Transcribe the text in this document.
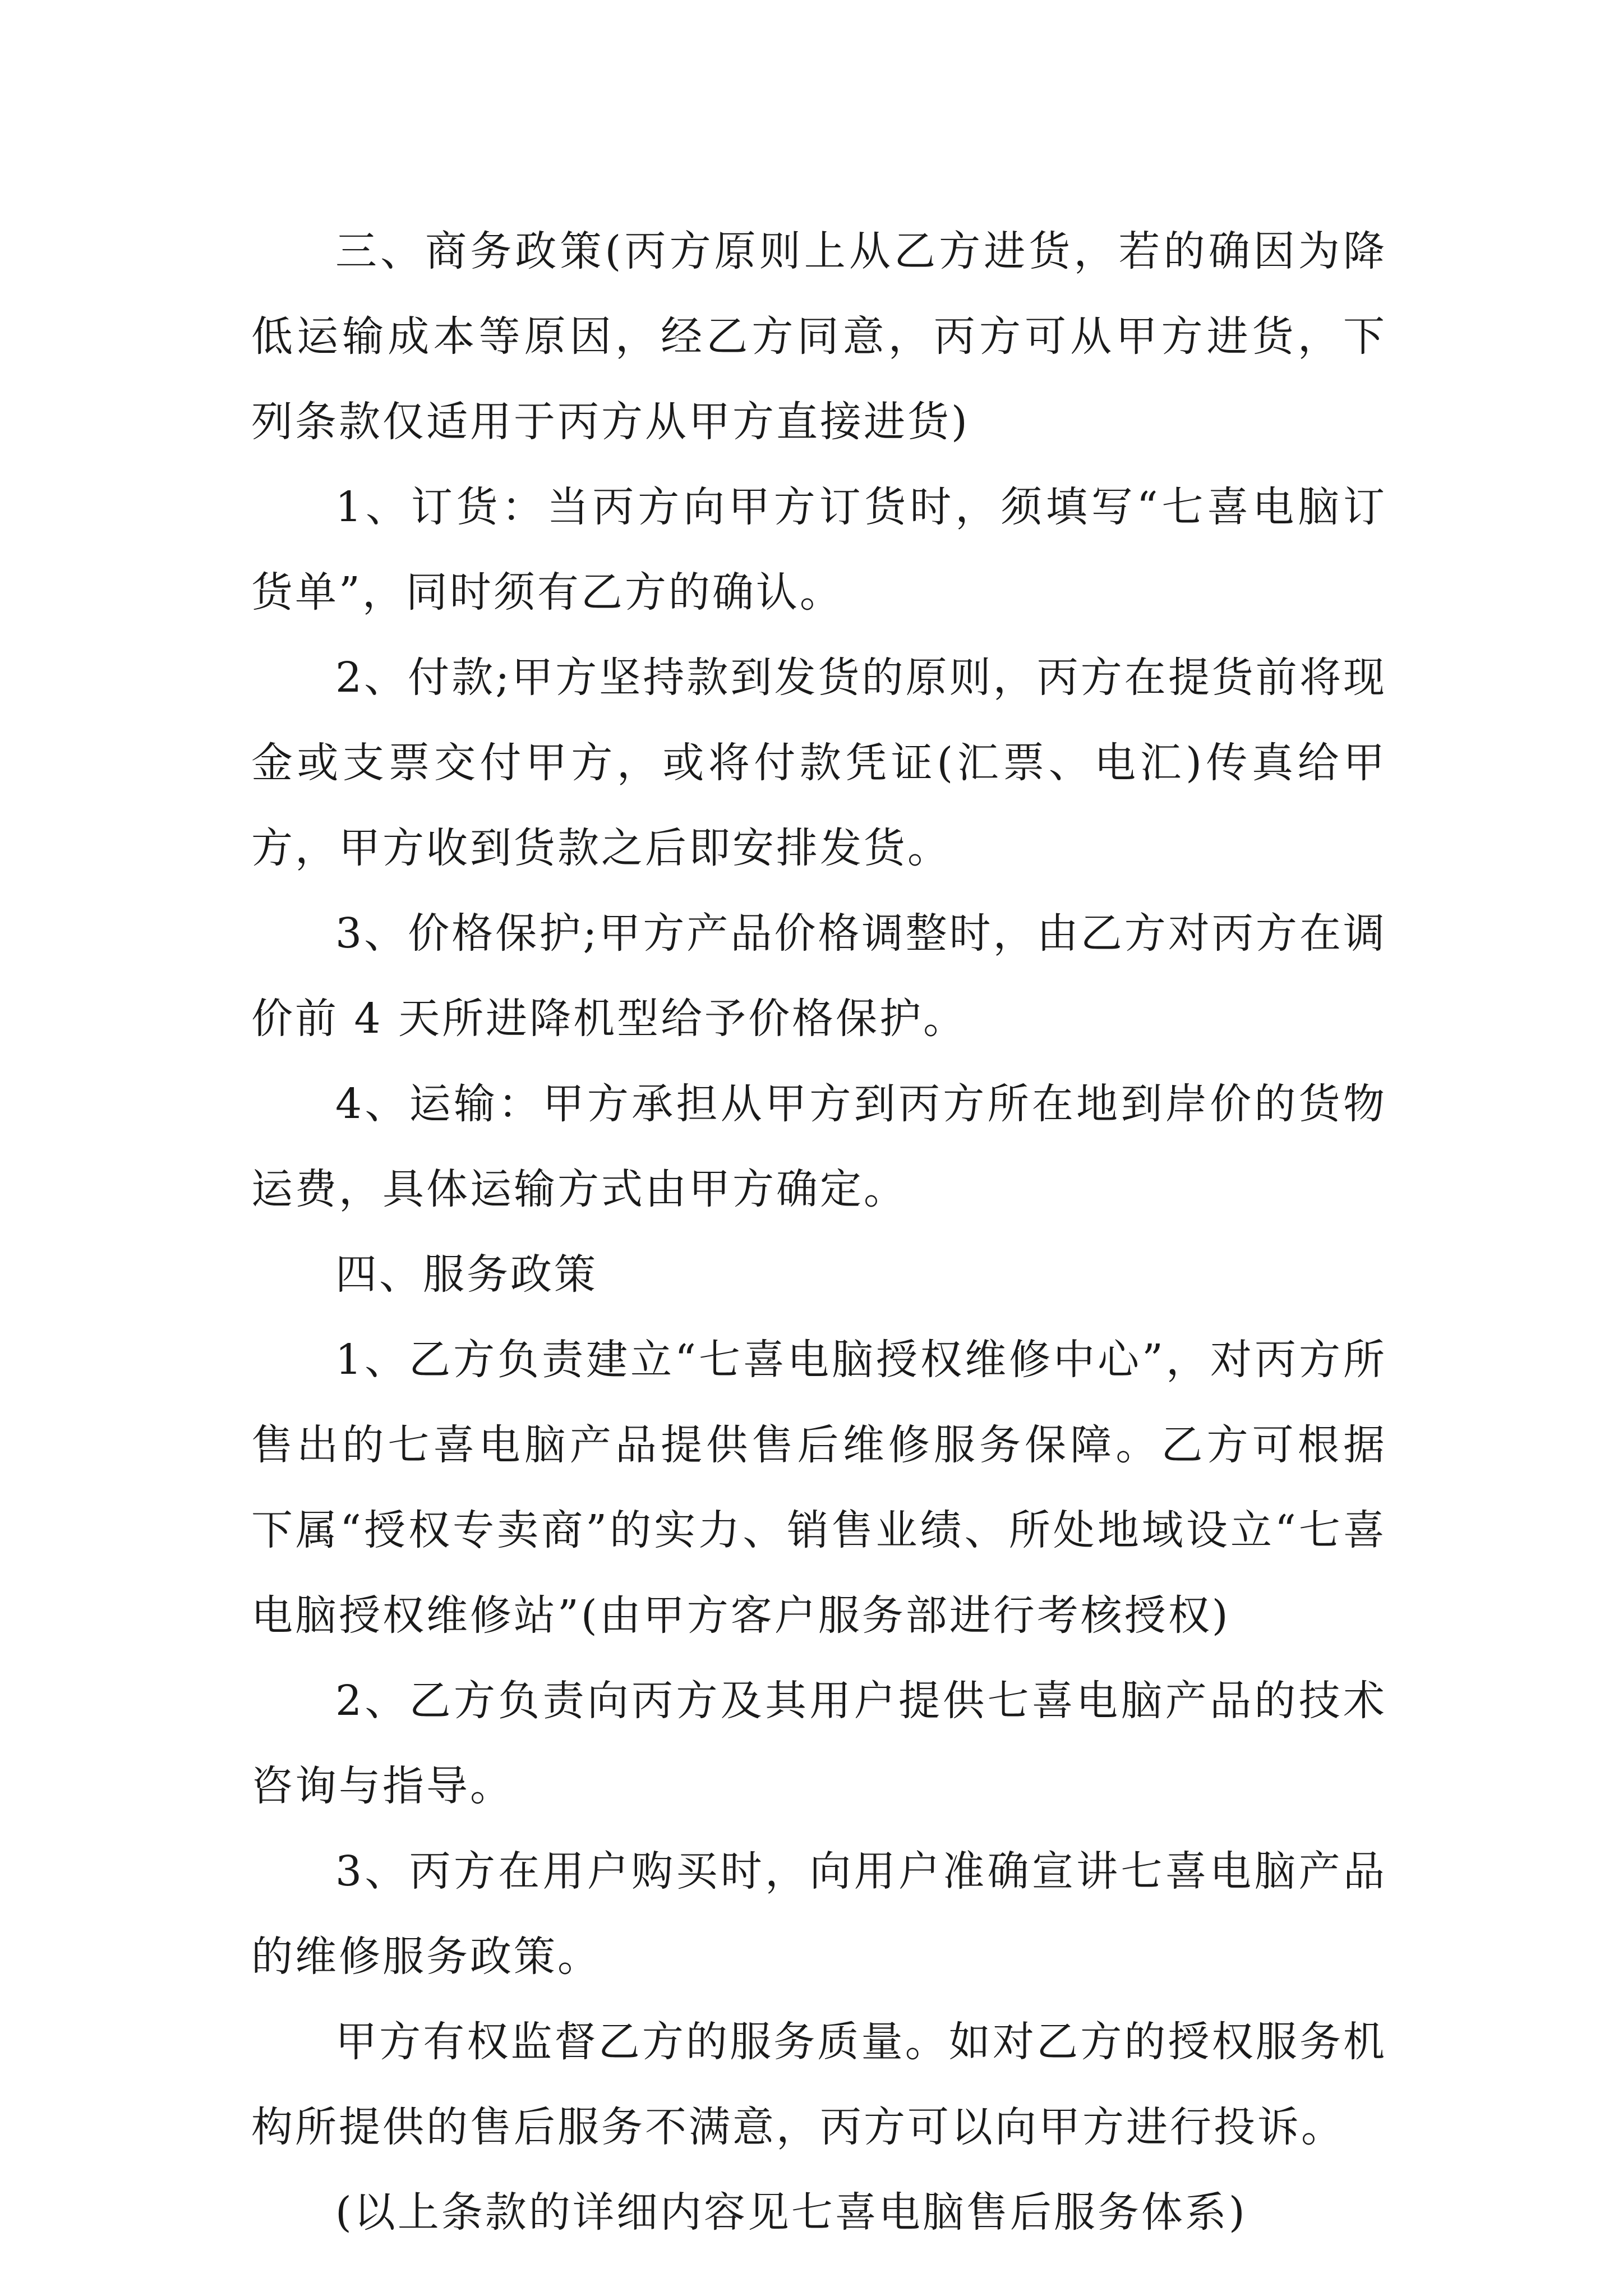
三、商务政策(丙方原则上从乙方进货，若的确因为降低运输成本等原因，经乙方同意，丙方可从甲方进货，下列条款仅适用于丙方从甲方直接进货)

1、订货：当丙方向甲方订货时，须填写“七喜电脑订货单”，同时须有乙方的确认。

2、付款;甲方坚持款到发货的原则，丙方在提货前将现金或支票交付甲方，或将付款凭证(汇票、电汇)传真给甲方，甲方收到货款之后即安排发货。

3、价格保护;甲方产品价格调整时，由乙方对丙方在调价前 4 天所进降机型给予价格保护。

4、运输：甲方承担从甲方到丙方所在地到岸价的货物运费，具体运输方式由甲方确定。

四、服务政策

1、乙方负责建立“七喜电脑授权维修中心”，对丙方所售出的七喜电脑产品提供售后维修服务保障。乙方可根据下属“授权专卖商”的实力、销售业绩、所处地域设立“七喜电脑授权维修站”(由甲方客户服务部进行考核授权)

2、乙方负责向丙方及其用户提供七喜电脑产品的技术咨询与指导。

3、丙方在用户购买时，向用户准确宣讲七喜电脑产品的维修服务政策。

甲方有权监督乙方的服务质量。如对乙方的授权服务机构所提供的售后服务不满意，丙方可以向甲方进行投诉。

(以上条款的详细内容见七喜电脑售后服务体系)
